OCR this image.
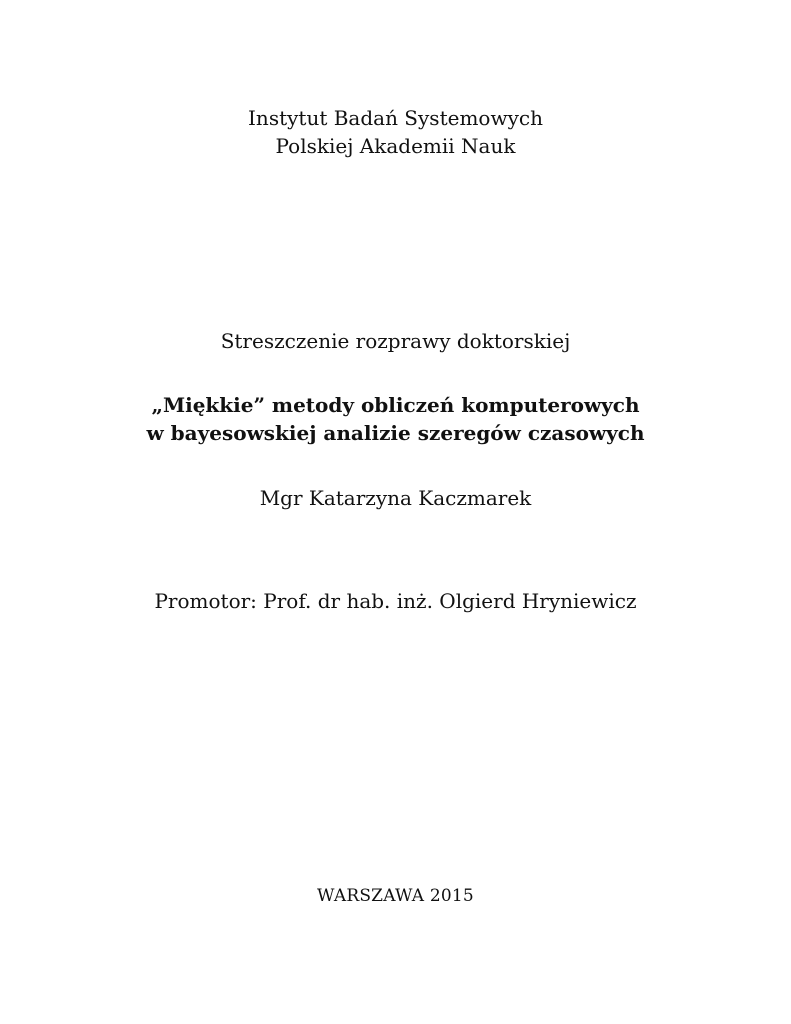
Instytut Badań Systemowych
Polskiej Akademii Nauk
Streszczenie rozprawy doktorskiej
„Miękkie” metody obliczeń komputerowych
w bayesowskiej analizie szeregów czasowych
Mgr Katarzyna Kaczmarek
Promotor: Prof. dr hab. inż. Olgierd Hryniewicz
WARSZAWA 2015
